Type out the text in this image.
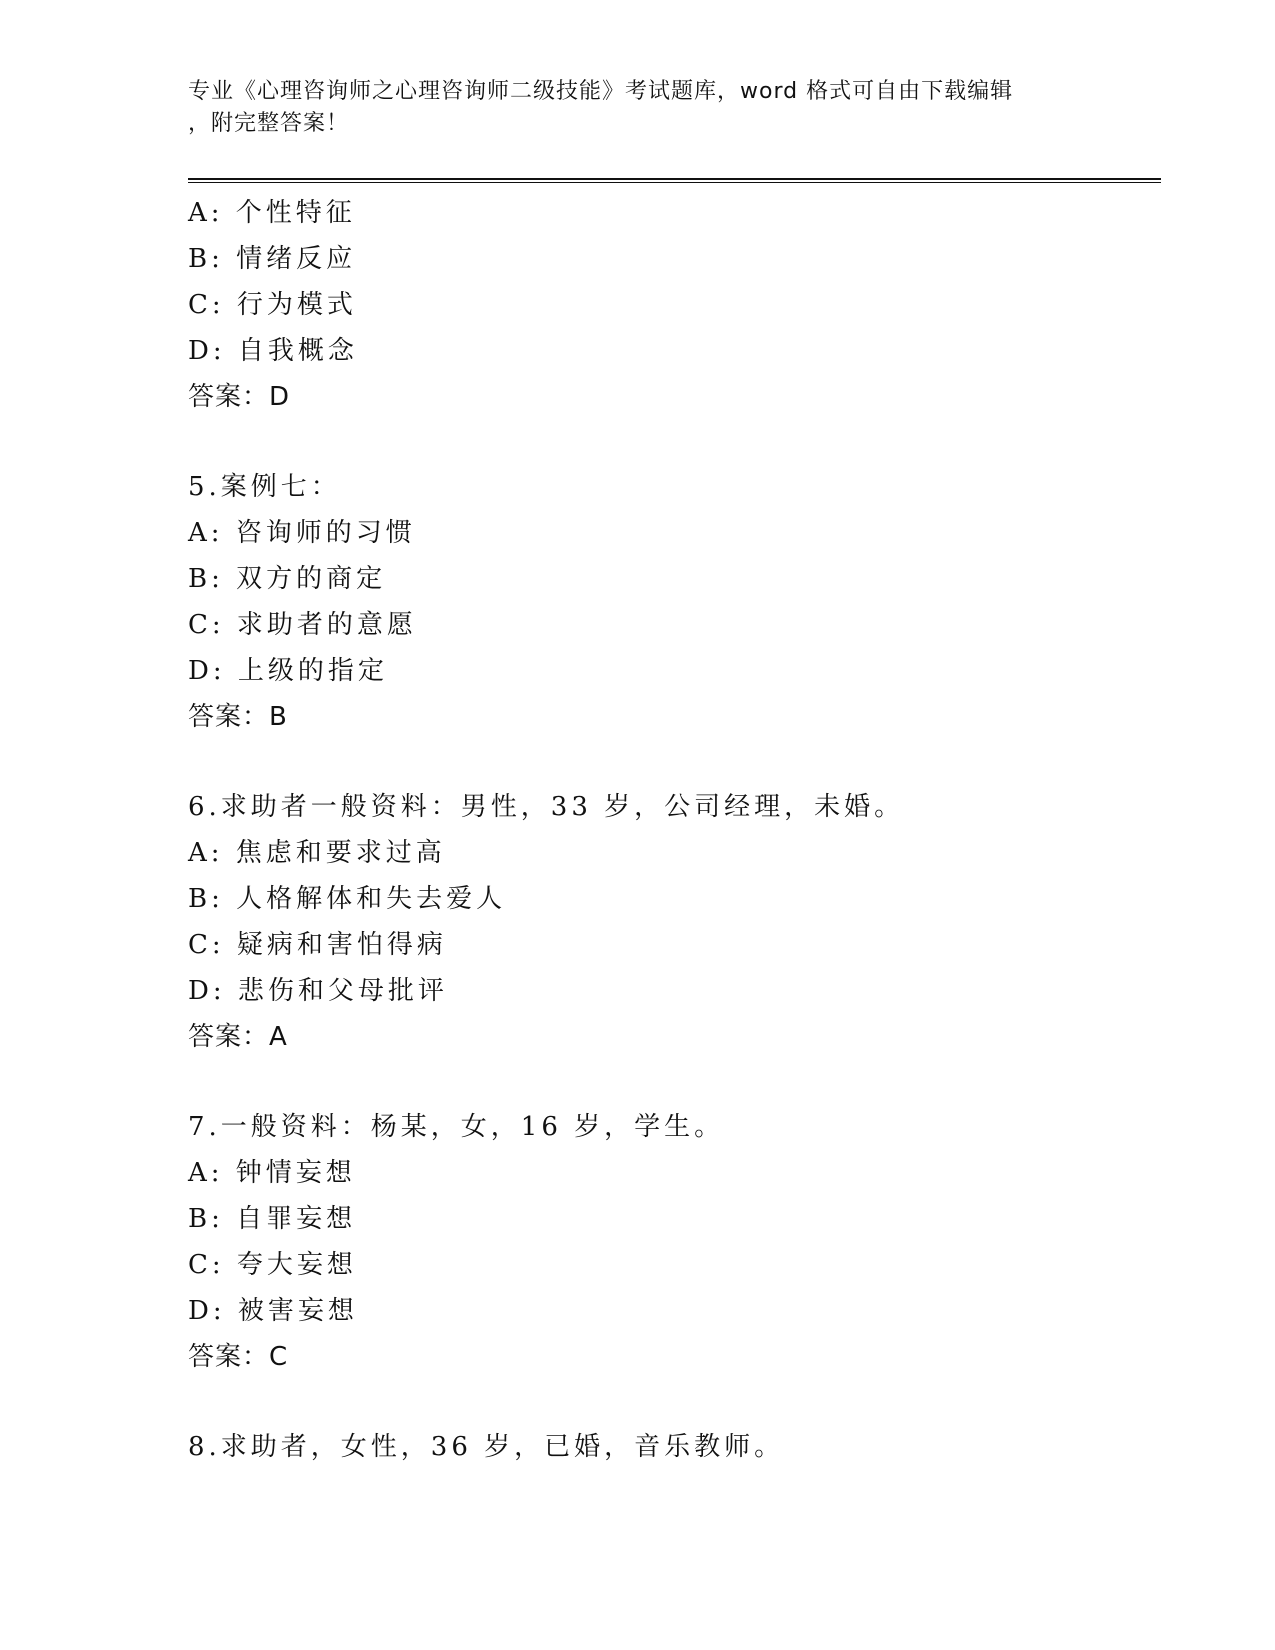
专业《心理咨询师之心理咨询师二级技能》考试题库，word 格式可自由下载编辑
，附完整答案！
A: 个性特征
B: 情绪反应
C: 行为模式
D: 自我概念
答案：D
5.案例七：
A: 咨询师的习惯
B: 双方的商定
C: 求助者的意愿
D: 上级的指定
答案：B
6.求助者一般资料：男性，33 岁，公司经理，未婚。
A: 焦虑和要求过高
B: 人格解体和失去爱人
C: 疑病和害怕得病
D: 悲伤和父母批评
答案：A
7.一般资料：杨某，女，16 岁，学生。
A: 钟情妄想
B: 自罪妄想
C: 夸大妄想
D: 被害妄想
答案：C
8.求助者，女性，36 岁，已婚，音乐教师。
